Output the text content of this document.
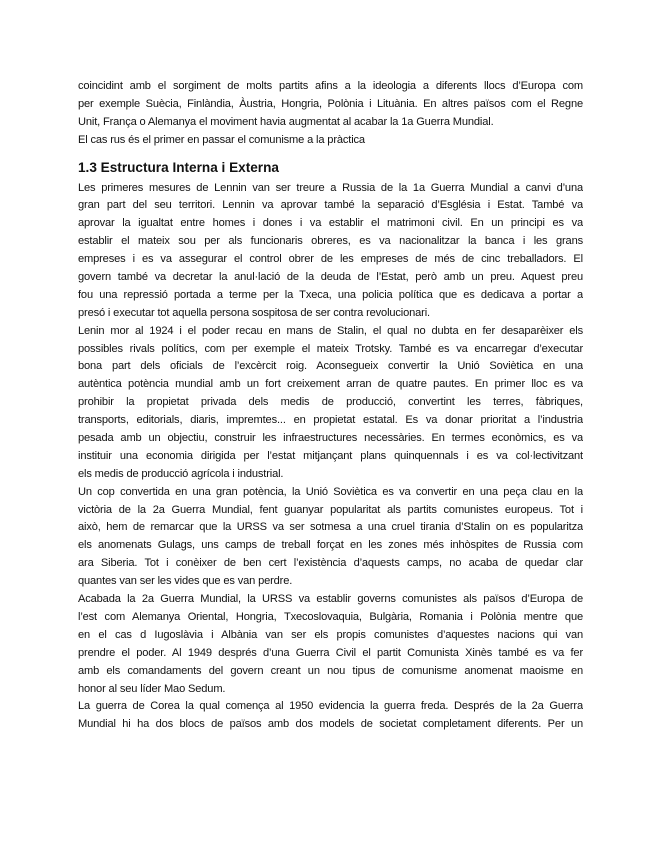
coincidint amb el sorgiment de molts partits afins a la ideologia a diferents llocs d’Europa com

per exemple Suècia, Finlàndia, Àustria, Hongria, Polònia i Lituània. En altres països com el Regne

Unit, França o Alemanya el moviment havia augmentat al acabar la 1a Guerra Mundial.

El cas rus és el primer en passar el comunisme a la pràctica

1.3 Estructura Interna i Externa

Les primeres mesures de Lennin van ser treure a Russia de la 1a Guerra Mundial a canvi d’una

gran part del seu territori. Lennin va aprovar també la separació d’Església i Estat. També va

aprovar la igualtat entre homes i dones i va establir el matrimoni civil. En un principi es va

establir el mateix sou per als funcionaris obreres, es va nacionalitzar la banca i les grans

empreses i es va assegurar el control obrer de les empreses de més de cinc treballadors. El

govern també va decretar la anul·lació de la deuda de l’Estat, però amb un preu. Aquest preu

fou una repressió portada a terme per la Txeca, una policia política que es dedicava a portar a

presó i executar tot aquella persona sospitosa de ser contra revolucionari.

Lenin mor al 1924 i el poder recau en mans de Stalin, el qual no dubta en fer desaparèixer els

possibles rivals polítics, com per exemple el mateix Trotsky. També es va encarregar d’executar

bona part dels oficials de l’excèrcit roig. Aconsegueix convertir la Unió Soviètica en una

autèntica potència mundial amb un fort creixement arran de quatre pautes. En primer lloc es va

prohibir la propietat privada dels medis de producció, convertint les terres, fàbriques,

transports, editorials, diaris, impremtes... en propietat estatal. Es va donar prioritat a l’industria

pesada amb un objectiu, construir les infraestructures necessàries. En termes econòmics, es va

instituir una economia dirigida per l’estat mitjançant plans quinquennals i es va col·lectivitzant

els medis de producció agrícola i industrial.

Un cop convertida en una gran potència, la Unió Soviètica es va convertir en una peça clau en la

victòria de la 2a Guerra Mundial, fent guanyar popularitat als partits comunistes europeus. Tot i

això, hem de remarcar que la URSS va ser sotmesa a una cruel tirania d’Stalin on es popularitza

els anomenats Gulags, uns camps de treball forçat en les zones més inhòspites de Russia com

ara Siberia. Tot i conèixer de ben cert l’existència d’aquests camps, no acaba de quedar clar

quantes van ser les vides que es van perdre.

Acabada la 2a Guerra Mundial, la URSS va establir governs comunistes als països d’Europa de

l’est com Alemanya Oriental, Hongria, Txecoslovaquia, Bulgària, Romania i Polònia mentre que

en el cas d Iugoslàvia i Albània van ser els propis comunistes d’aquestes nacions qui van

prendre el poder. Al 1949 després d’una Guerra Civil el partit Comunista Xinès també es va fer

amb els comandaments del govern creant un nou tipus de comunisme anomenat maoisme en

honor al seu líder Mao Sedum.

La guerra de Corea la qual comença al 1950 evidencia la guerra freda. Després de la 2a Guerra

Mundial hi ha dos blocs de països amb dos models de societat completament diferents. Per un
